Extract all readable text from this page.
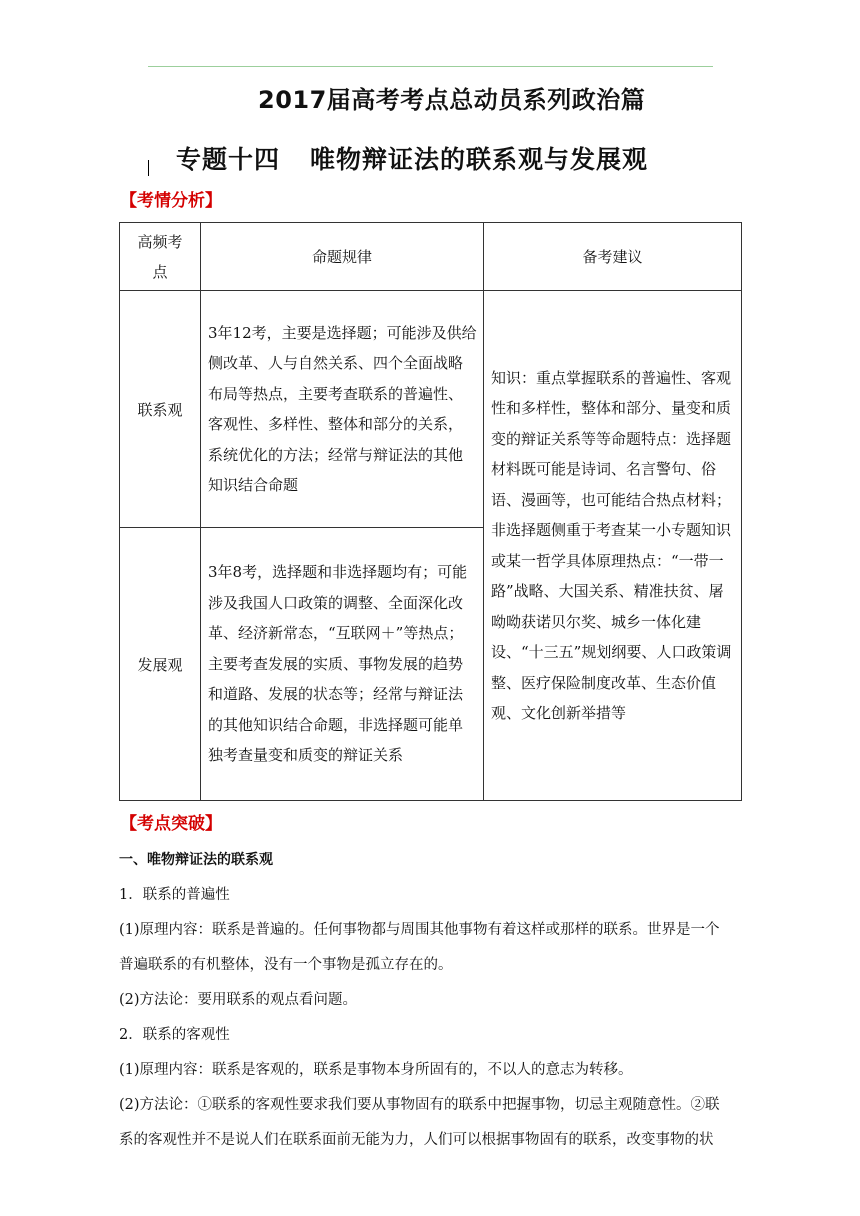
2017届高考考点总动员系列政治篇
专题十四 唯物辩证法的联系观与发展观
【考情分析】
高频考点	命题规律	备考建议
联系观	3年12考，主要是选择题；可能涉及供给侧改革、人与自然关系、四个全面战略布局等热点，主要考查联系的普遍性、客观性、多样性、整体和部分的关系，系统优化的方法；经常与辩证法的其他知识结合命题	知识：重点掌握联系的普遍性、客观性和多样性，整体和部分、量变和质变的辩证关系等等命题特点：选择题材料既可能是诗词、名言警句、俗语、漫画等，也可能结合热点材料；非选择题侧重于考查某一小专题知识或某一哲学具体原理热点：“一带一路”战略、大国关系、精准扶贫、屠呦呦获诺贝尔奖、城乡一体化建设、“十三五”规划纲要、人口政策调整、医疗保险制度改革、生态价值观、文化创新举措等
发展观	3年8考，选择题和非选择题均有；可能涉及我国人口政策的调整、全面深化改革、经济新常态，“互联网＋”等热点；主要考查发展的实质、事物发展的趋势和道路、发展的状态等；经常与辩证法的其他知识结合命题，非选择题可能单独考查量变和质变的辩证关系	
【考点突破】
一、唯物辩证法的联系观
1．联系的普遍性
(1)原理内容：联系是普遍的。任何事物都与周围其他事物有着这样或那样的联系。世界是一个
普遍联系的有机整体，没有一个事物是孤立存在的。
(2)方法论：要用联系的观点看问题。
2．联系的客观性
(1)原理内容：联系是客观的，联系是事物本身所固有的，不以人的意志为转移。
(2)方法论：①联系的客观性要求我们要从事物固有的联系中把握事物，切忌主观随意性。②联
系的客观性并不是说人们在联系面前无能为力，人们可以根据事物固有的联系，改变事物的状
